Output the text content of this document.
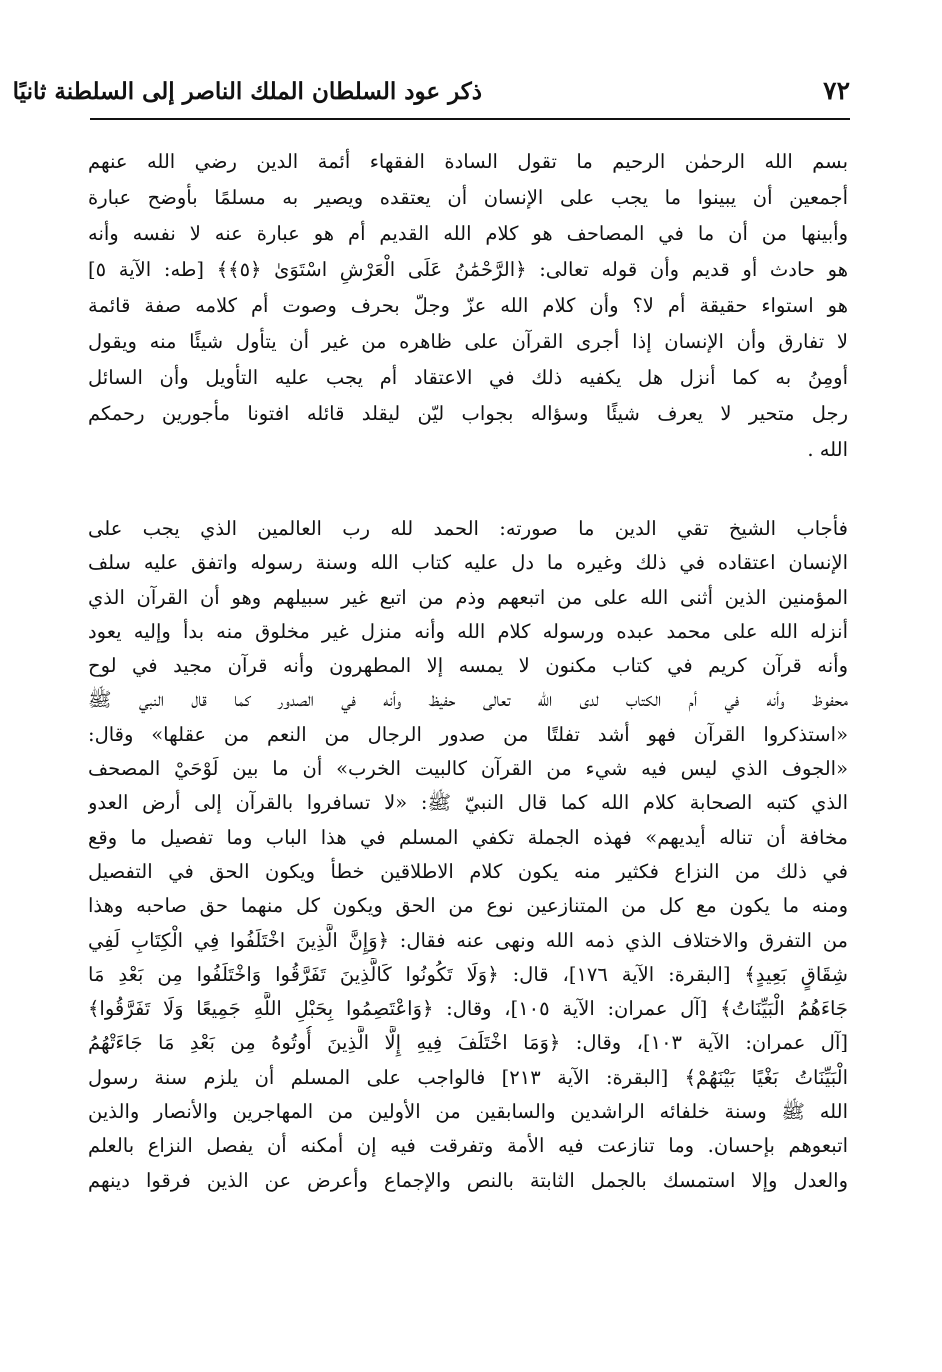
٧٢
ذكر عود السلطان الملك الناصر إلى السلطنة ثانيًا
بسم الله الرحمٰن الرحيم ما تقول السادة الفقهاء أئمة الدين رضي الله عنهم
أجمعين أن يبينوا ما يجب على الإنسان أن يعتقده ويصير به مسلمًا بأوضح عبارة
وأبينها من أن ما في المصاحف هو كلام الله القديم أم هو عبارة عنه لا نفسه وأنه
هو حادث أو قديم وأن قوله تعالى: ﴿الرَّحْمَٰنُ عَلَى الْعَرْشِ اسْتَوَىٰ ﴿٥﴾﴾ [طه: الآية ٥]
هو استواء حقيقة أم لا؟ وأن كلام الله عزّ وجلّ بحرف وصوت أم كلامه صفة قائمة
لا تفارق وأن الإنسان إذا أجرى القرآن على ظاهره من غير أن يتأول شيئًا منه ويقول
أومِنُ به كما أنزل هل يكفيه ذلك في الاعتقاد أم يجب عليه التأويل وأن السائل
رجل متحير لا يعرف شيئًا وسؤاله بجواب ليّن ليقلد قائله افتونا مأجورين رحمكم
الله .
فأجاب الشيخ تقي الدين ما صورته: الحمد لله رب العالمين الذي يجب على
الإنسان اعتقاده في ذلك وغيره ما دل عليه كتاب الله وسنة رسوله واتفق عليه سلف
المؤمنين الذين أثنى الله على من اتبعهم وذم من اتبع غير سبيلهم وهو أن القرآن الذي
أنزله الله على محمد عبده ورسوله كلام الله وأنه منزل غير مخلوق منه بدأ وإليه يعود
وأنه قرآن كريم في كتاب مكنون لا يمسه إلا المطهرون وأنه قرآن مجيد في لوح
محفوظ وأنه في أم الكتاب لدى الله تعالى حفيظ وأنه في الصدور كما قال النبي ﷺ
«استذكروا القرآن فهو أشد تفلتًا من صدور الرجال من النعم من عقلها» وقال:
«الجوف الذي ليس فيه شيء من القرآن كالبيت الخرب» أن ما بين لَوْحَيْ المصحف
الذي كتبه الصحابة كلام الله كما قال النبيّ ﷺ: «لا تسافروا بالقرآن إلى أرض العدو
مخافة أن تناله أيديهم» فهذه الجملة تكفي المسلم في هذا الباب وما تفصيل ما وقع
في ذلك من النزاع فكثير منه يكون كلام الاطلاقين خطأ ويكون الحق في التفصيل
ومنه ما يكون مع كل من المتنازعين نوع من الحق ويكون كل منهما حق صاحبه وهذا
من التفرق والاختلاف الذي ذمه الله ونهى عنه فقال: ﴿وَإِنَّ الَّذِينَ اخْتَلَفُوا فِي الْكِتَابِ لَفِي
شِقَاقٍ بَعِيدٍ﴾ [البقرة: الآية ١٧٦]، قال: ﴿وَلَا تَكُونُوا كَالَّذِينَ تَفَرَّقُوا وَاخْتَلَفُوا مِن بَعْدِ مَا
جَاءَهُمُ الْبَيِّنَاتُ﴾ [آل عمران: الآية ١٠٥]، وقال: ﴿وَاعْتَصِمُوا بِحَبْلِ اللَّهِ جَمِيعًا وَلَا تَفَرَّقُوا﴾
[آل عمران: الآية ١٠٣]، وقال: ﴿وَمَا اخْتَلَفَ فِيهِ إِلَّا الَّذِينَ أُوتُوهُ مِن بَعْدِ مَا جَاءَتْهُمُ
الْبَيِّنَاتُ بَغْيًا بَيْنَهُمْ﴾ [البقرة: الآية ٢١٣] فالواجب على المسلم أن يلزم سنة رسول
الله ﷺ وسنة خلفائه الراشدين والسابقين من الأولين من المهاجرين والأنصار والذين
اتبعوهم بإحسان. وما تنازعت فيه الأمة وتفرقت فيه إن أمكنه أن يفصل النزاع بالعلم
والعدل وإلا استمسك بالجمل الثابتة بالنص والإجماع وأعرض عن الذين فرقوا دينهم
